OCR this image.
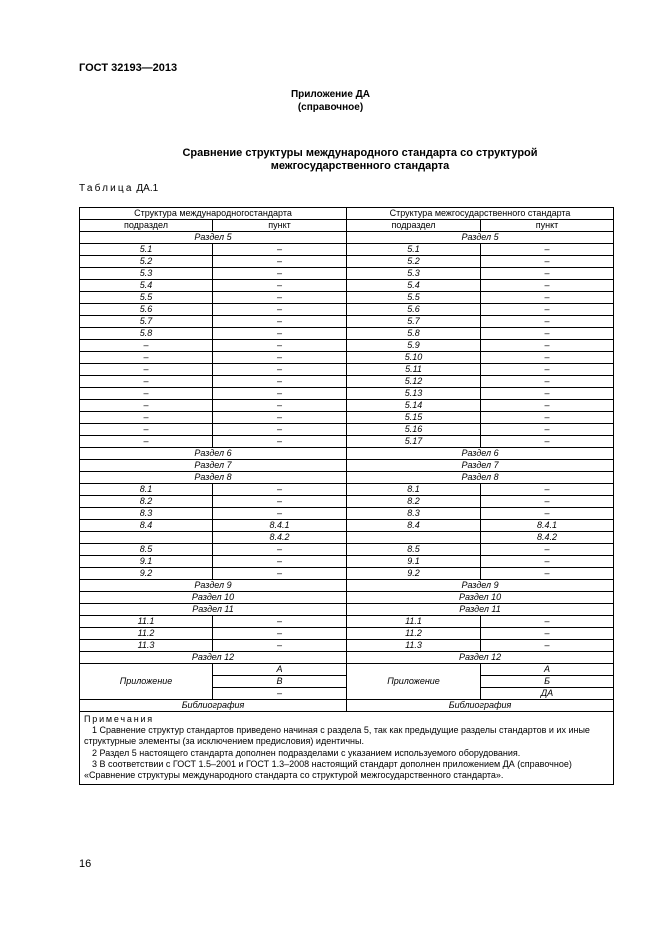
ГОСТ 32193—2013
Приложение ДА
(справочное)
Сравнение структуры международного стандарта со структурой
межгосударственного стандарта
Таблица ДА.1
Структура международногостандарта		Структура межгосударственного стандарта	
подраздел	пункт	подраздел	пункт
Раздел 5		Раздел 5	
5.1	–	5.1	–
5.2	–	5.2	–
5.3	–	5.3	–
5.4	–	5.4	–
5.5	–	5.5	–
5.6	–	5.6	–
5.7	–	5.7	–
5.8	–	5.8	–
–	–	5.9	–
–	–	5.10	–
–	–	5.11	–
–	–	5.12	–
–	–	5.13	–
–	–	5.14	–
–	–	5.15	–
–	–	5.16	–
–	–	5.17	–
Раздел 6		Раздел 6	
Раздел 7		Раздел 7	
Раздел 8		Раздел 8	
8.1	–	8.1	–
8.2	–	8.2	–
8.3	–	8.3	–
8.4	8.4.1	8.4	8.4.1
	8.4.2		8.4.2
8.5	–	8.5	–
9.1	–	9.1	–
9.2	–	9.2	–
Раздел 9		Раздел 9	
Раздел 10		Раздел 10	
Раздел 11		Раздел 11	
11.1	–	11.1	–
11.2	–	11.2	–
11.3	–	11.3	–
Раздел 12		Раздел 12	
Приложение	А	Приложение	А
	В		Б
	–		ДА
Библиография		Библиография	

Примечания
1 Сравнение структур стандартов приведено начиная с раздела 5, так как предыдущие разделы стандартов и их иные структурные элементы (за исключением предисловия) идентичны.
2 Раздел 5 настоящего стандарта дополнен подразделами с указанием используемого оборудования.
3 В соответствии с ГОСТ 1.5–2001 и ГОСТ 1.3–2008 настоящий стандарт дополнен приложением ДА (справочное) «Сравнение структуры международного стандарта со структурой межгосударственного стандарта».			
16
